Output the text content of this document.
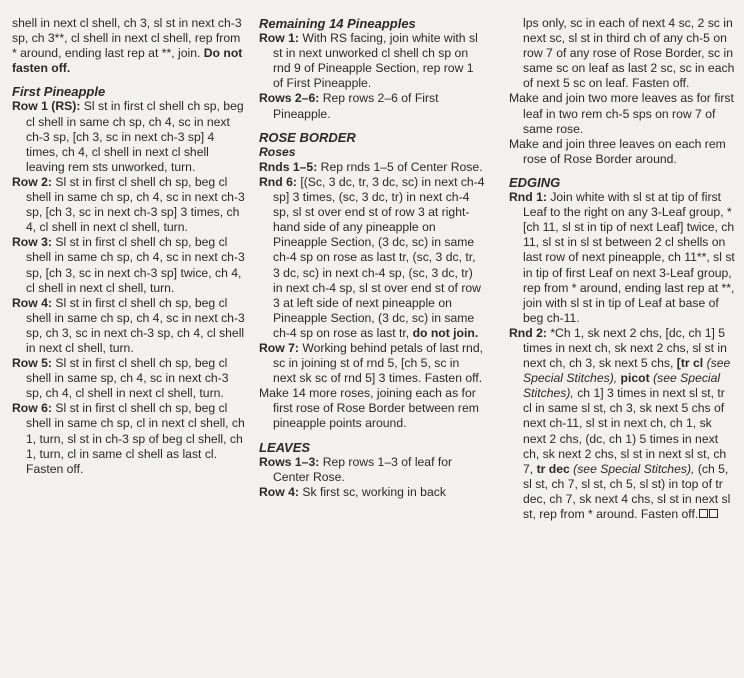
shell in next cl shell, ch 3, sl st in next ch-3 sp, ch 3**, cl shell in next cl shell, rep from * around, ending last rep at **, join. Do not fasten off.

First Pineapple

Row 1 (RS): Sl st in first cl shell ch sp, beg cl shell in same ch sp, ch 4, sc in next ch-3 sp, [ch 3, sc in next ch-3 sp] 4 times, ch 4, cl shell in next cl shell leaving rem sts unworked, turn.

Row 2: Sl st in first cl shell ch sp, beg cl shell in same ch sp, ch 4, sc in next ch-3 sp, [ch 3, sc in next ch-3 sp] 3 times, ch 4, cl shell in next cl shell, turn.

Row 3: Sl st in first cl shell ch sp, beg cl shell in same ch sp, ch 4, sc in next ch-3 sp, [ch 3, sc in next ch-3 sp] twice, ch 4, cl shell in next cl shell, turn.

Row 4: Sl st in first cl shell ch sp, beg cl shell in same ch sp, ch 4, sc in next ch-3 sp, ch 3, sc in next ch-3 sp, ch 4, cl shell in next cl shell, turn.

Row 5: Sl st in first cl shell ch sp, beg cl shell in same sp, ch 4, sc in next ch-3 sp, ch 4, cl shell in next cl shell, turn.

Row 6: Sl st in first cl shell ch sp, beg cl shell in same ch sp, cl in next cl shell, ch 1, turn, sl st in ch-3 sp of beg cl shell, ch 1, turn, cl in same cl shell as last cl. Fasten off.

Remaining 14 Pineapples

Row 1: With RS facing, join white with sl st in next unworked cl shell ch sp on rnd 9 of Pineapple Section, rep row 1 of First Pineapple.

Rows 2–6: Rep rows 2–6 of First Pineapple.

ROSE BORDER

Roses

Rnds 1–5: Rep rnds 1–5 of Center Rose.

Rnd 6: [(Sc, 3 dc, tr, 3 dc, sc) in next ch-4 sp] 3 times, (sc, 3 dc, tr) in next ch-4 sp, sl st over end st of row 3 at right-hand side of any pineapple on Pineapple Section, (3 dc, sc) in same ch-4 sp on rose as last tr, (sc, 3 dc, tr, 3 dc, sc) in next ch-4 sp, (sc, 3 dc, tr) in next ch-4 sp, sl st over end st of row 3 at left side of next pineapple on Pineapple Section, (3 dc, sc) in same ch-4 sp on rose as last tr, do not join.

Row 7: Working behind petals of last rnd, sc in joining st of rnd 5, [ch 5, sc in next sk sc of rnd 5] 3 times. Fasten off.

Make 14 more roses, joining each as for first rose of Rose Border between rem pineapple points around.

LEAVES

Rows 1–3: Rep rows 1–3 of leaf for Center Rose.

Row 4: Sk first sc, working in back

lps only, sc in each of next 4 sc, 2 sc in next sc, sl st in third ch of any ch-5 on row 7 of any rose of Rose Border, sc in same sc on leaf as last 2 sc, sc in each of next 5 sc on leaf. Fasten off.

Make and join two more leaves as for first leaf in two rem ch-5 sps on row 7 of same rose.

Make and join three leaves on each rem rose of Rose Border around.

EDGING

Rnd 1: Join white with sl st at tip of first Leaf to the right on any 3-Leaf group, *[ch 11, sl st in tip of next Leaf] twice, ch 11, sl st in sl st between 2 cl shells on last row of next pineapple, ch 11**, sl st in tip of first Leaf on next 3-Leaf group, rep from * around, ending last rep at **, join with sl st in tip of Leaf at base of beg ch-11.

Rnd 2: *Ch 1, sk next 2 chs, [dc, ch 1] 5 times in next ch, sk next 2 chs, sl st in next ch, ch 3, sk next 5 chs, [tr cl (see Special Stitches), picot (see Special Stitches), ch 1] 3 times in next sl st, tr cl in same sl st, ch 3, sk next 5 chs of next ch-11, sl st in next ch, ch 1, sk next 2 chs, (dc, ch 1) 5 times in next ch, sk next 2 chs, sl st in next sl st, ch 7, tr dec (see Special Stitches), (ch 5, sl st, ch 7, sl st, ch 5, sl st) in top of tr dec, ch 7, sk next 4 chs, sl st in next sl st, rep from * around. Fasten off.
